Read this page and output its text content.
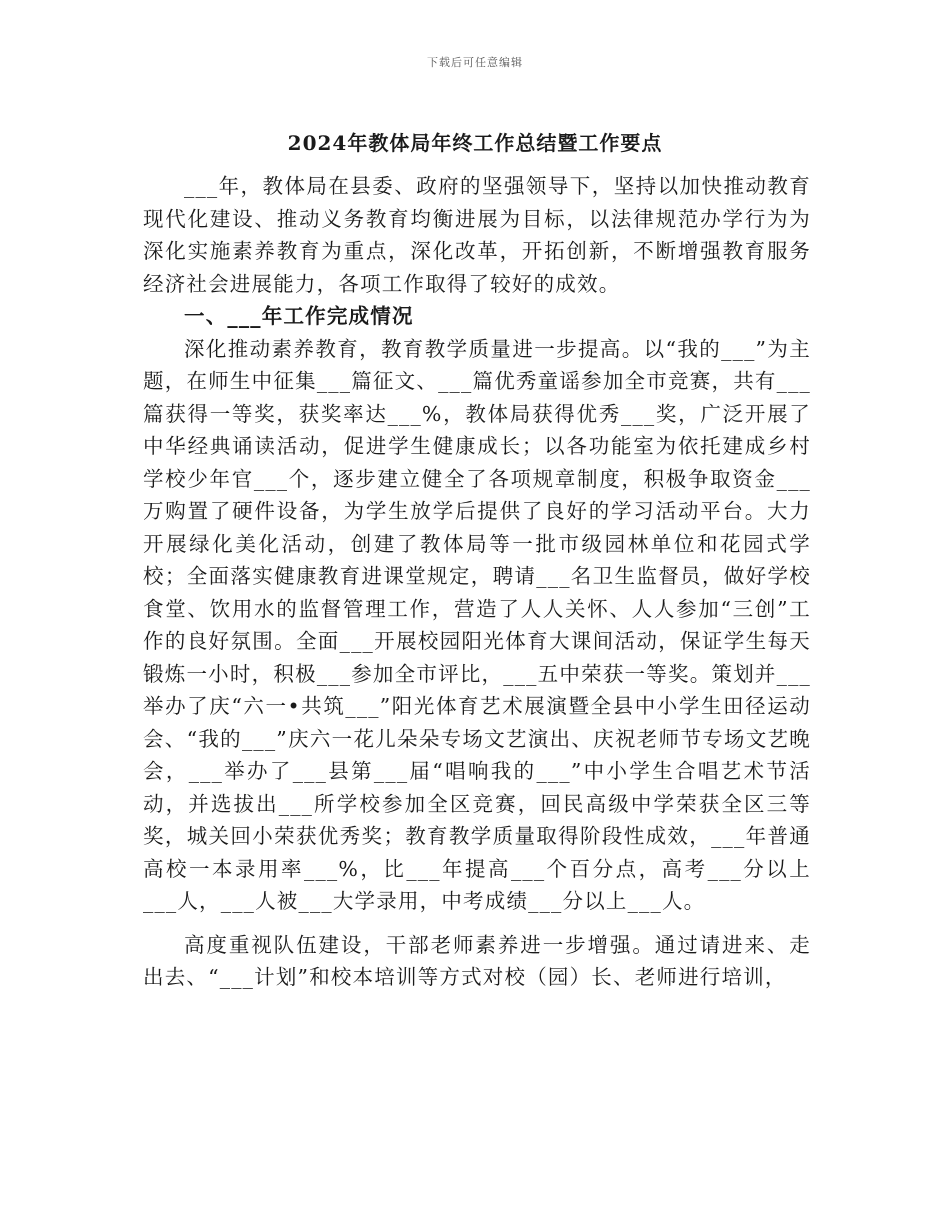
下载后可任意编辑
2024年教体局年终工作总结暨工作要点

___年，教体局在县委、政府的坚强领导下，坚持以加快推动教育现代化建设、推动义务教育均衡进展为目标，以法律规范办学行为为深化实施素养教育为重点，深化改革，开拓创新，不断增强教育服务经济社会进展能力，各项工作取得了较好的成效。

一、___年工作完成情况

深化推动素养教育，教育教学质量进一步提高。以“我的___”为主题，在师生中征集___篇征文、___篇优秀童谣参加全市竞赛，共有___篇获得一等奖，获奖率达___%，教体局获得优秀___奖，广泛开展了中华经典诵读活动，促进学生健康成长；以各功能室为依托建成乡村学校少年官___个，逐步建立健全了各项规章制度，积极争取资金___万购置了硬件设备，为学生放学后提供了良好的学习活动平台。大力开展绿化美化活动，创建了教体局等一批市级园林单位和花园式学校；全面落实健康教育进课堂规定，聘请___名卫生监督员，做好学校食堂、饮用水的监督管理工作，营造了人人关怀、人人参加“三创”工作的良好氛围。全面___开展校园阳光体育大课间活动，保证学生每天锻炼一小时，积极___参加全市评比，___五中荣获一等奖。策划并___举办了庆“六一•共筑___”阳光体育艺术展演暨全县中小学生田径运动会、“我的___”庆六一花儿朵朵专场文艺演出、庆祝老师节专场文艺晚会，___举办了___县第___届“唱响我的___”中小学生合唱艺术节活动，并选拔出___所学校参加全区竞赛，回民高级中学荣获全区三等奖，城关回小荣获优秀奖；教育教学质量取得阶段性成效，___年普通高校一本录用率___%，比___年提高___个百分点，高考___分以上___人，___人被___大学录用，中考成绩___分以上___人。

高度重视队伍建设，干部老师素养进一步增强。通过请进来、走出去、“___计划”和校本培训等方式对校（园）长、老师进行培训，
